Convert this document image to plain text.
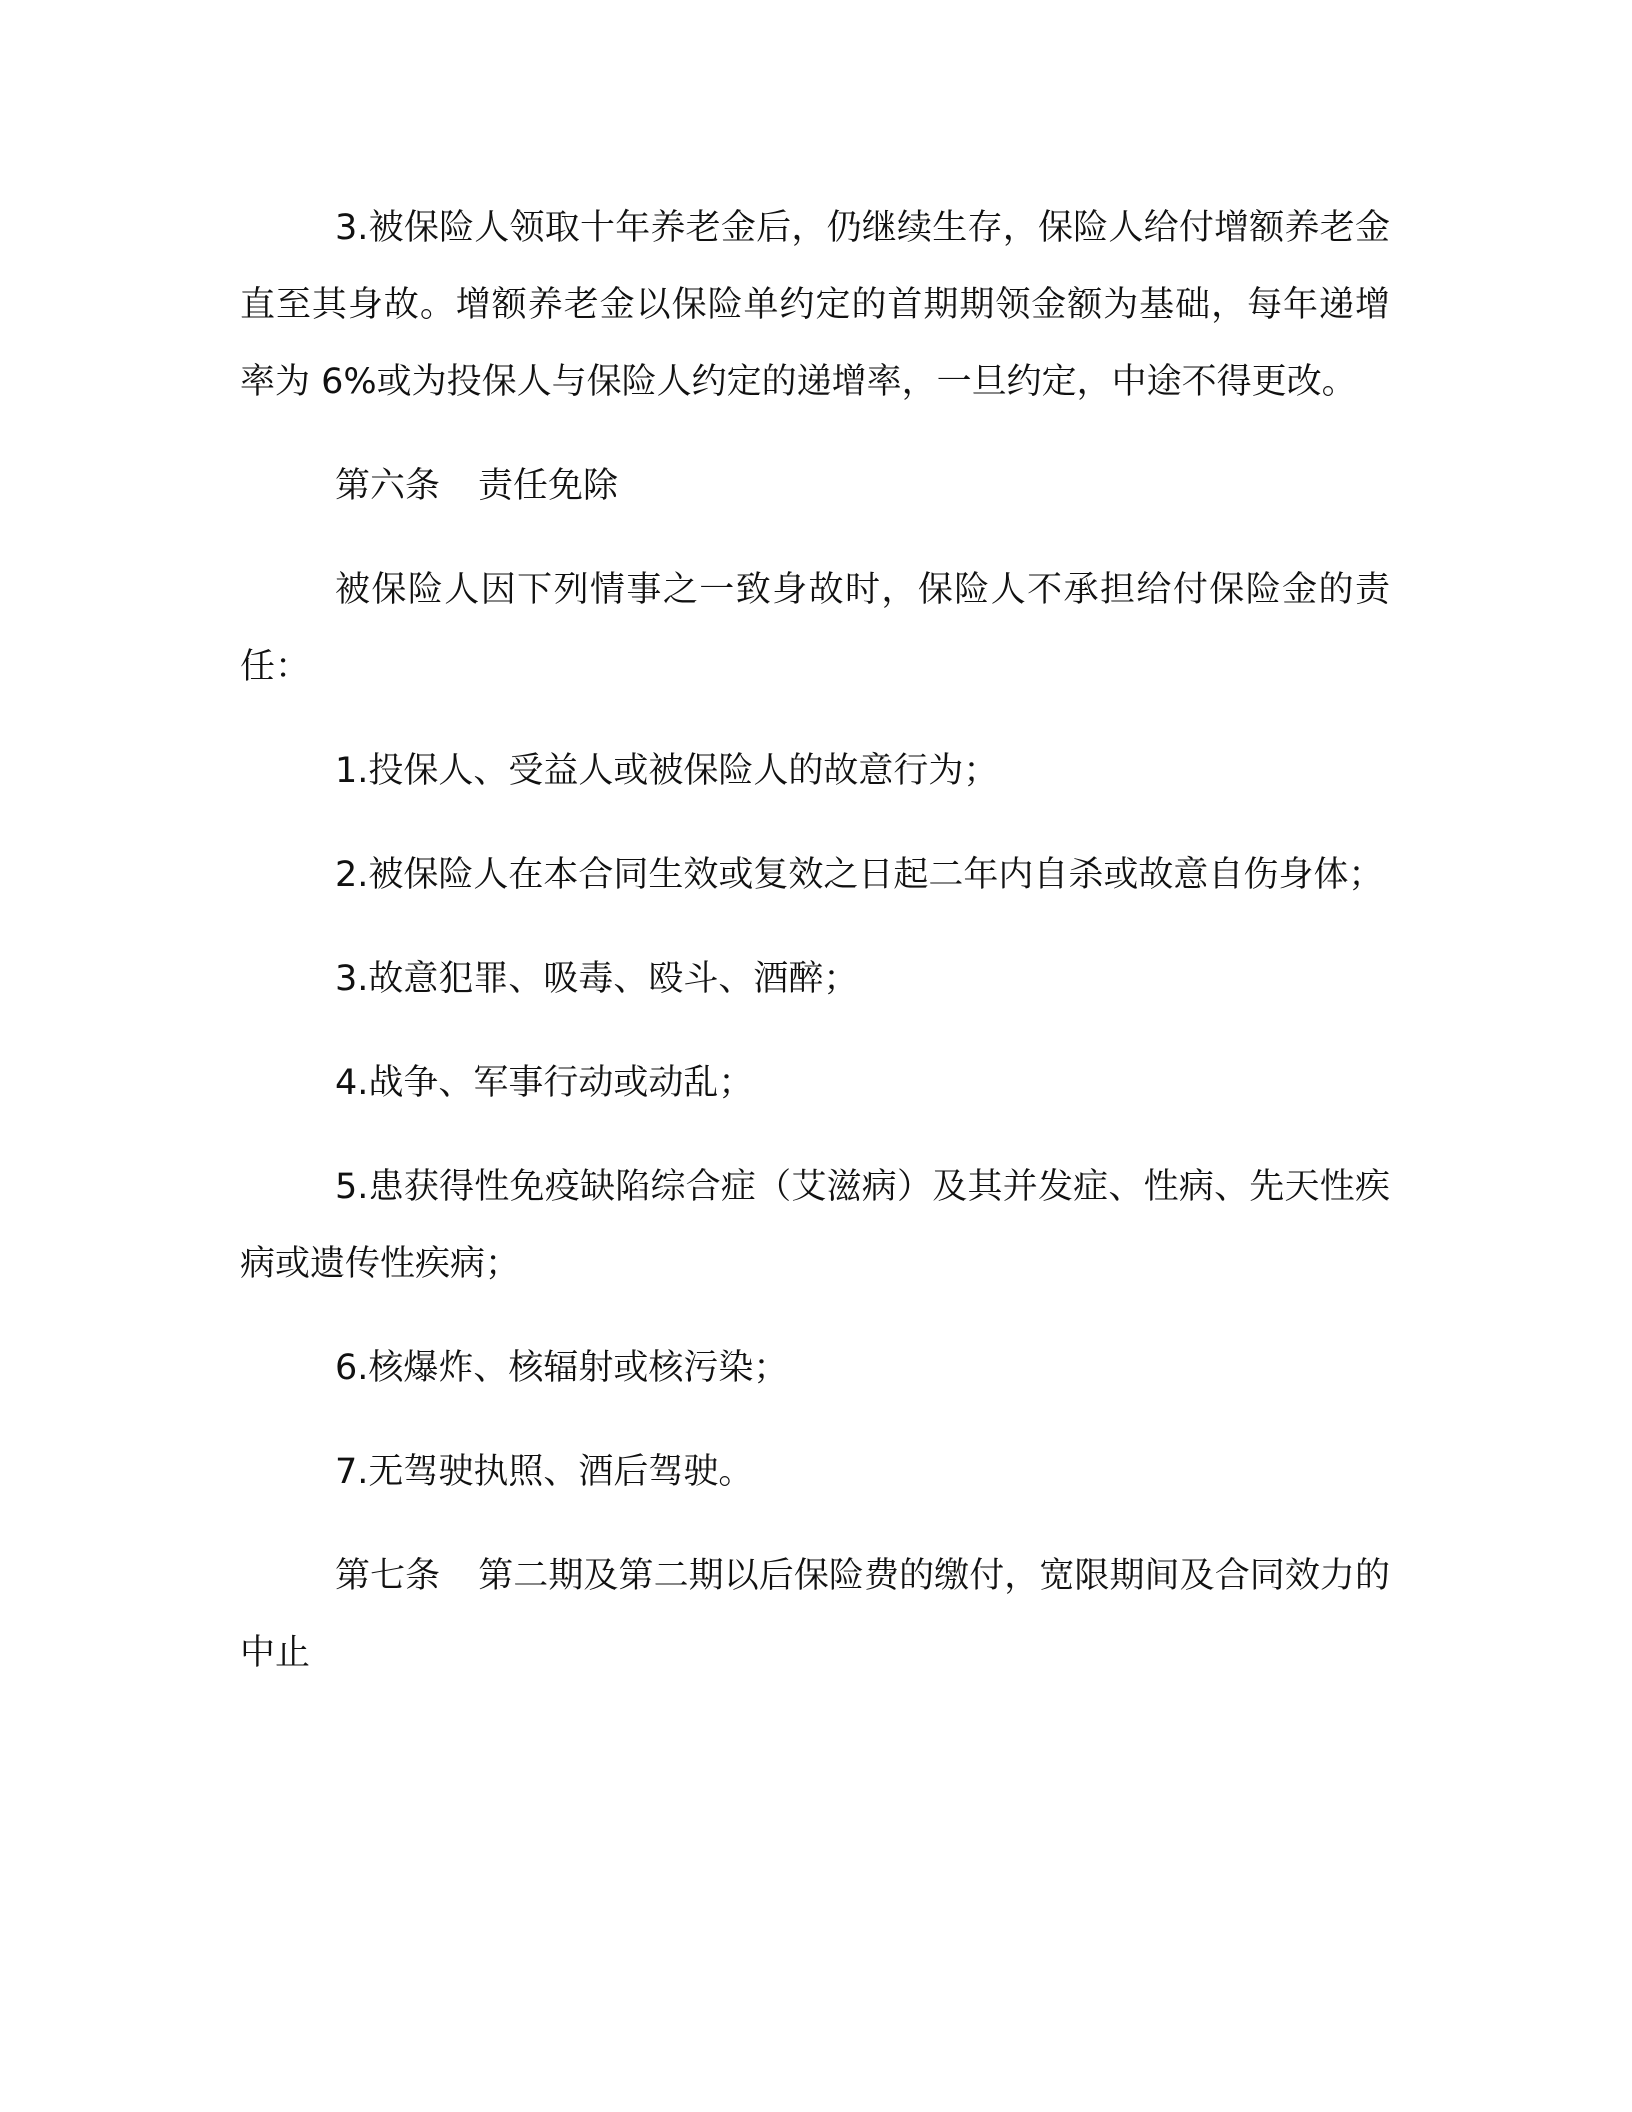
3.被保险人领取十年养老金后，仍继续生存，保险人给付增额养老金直至其身故。增额养老金以保险单约定的首期期领金额为基础，每年递增率为 6%或为投保人与保险人约定的递增率，一旦约定，中途不得更改。

第六条 责任免除

被保险人因下列情事之一致身故时，保险人不承担给付保险金的责任：

1.投保人、受益人或被保险人的故意行为；

2.被保险人在本合同生效或复效之日起二年内自杀或故意自伤身体；

3.故意犯罪、吸毒、殴斗、酒醉；

4.战争、军事行动或动乱；

5.患获得性免疫缺陷综合症（艾滋病）及其并发症、性病、先天性疾病或遗传性疾病；

6.核爆炸、核辐射或核污染；

7.无驾驶执照、酒后驾驶。

第七条 第二期及第二期以后保险费的缴付，宽限期间及合同效力的中止
